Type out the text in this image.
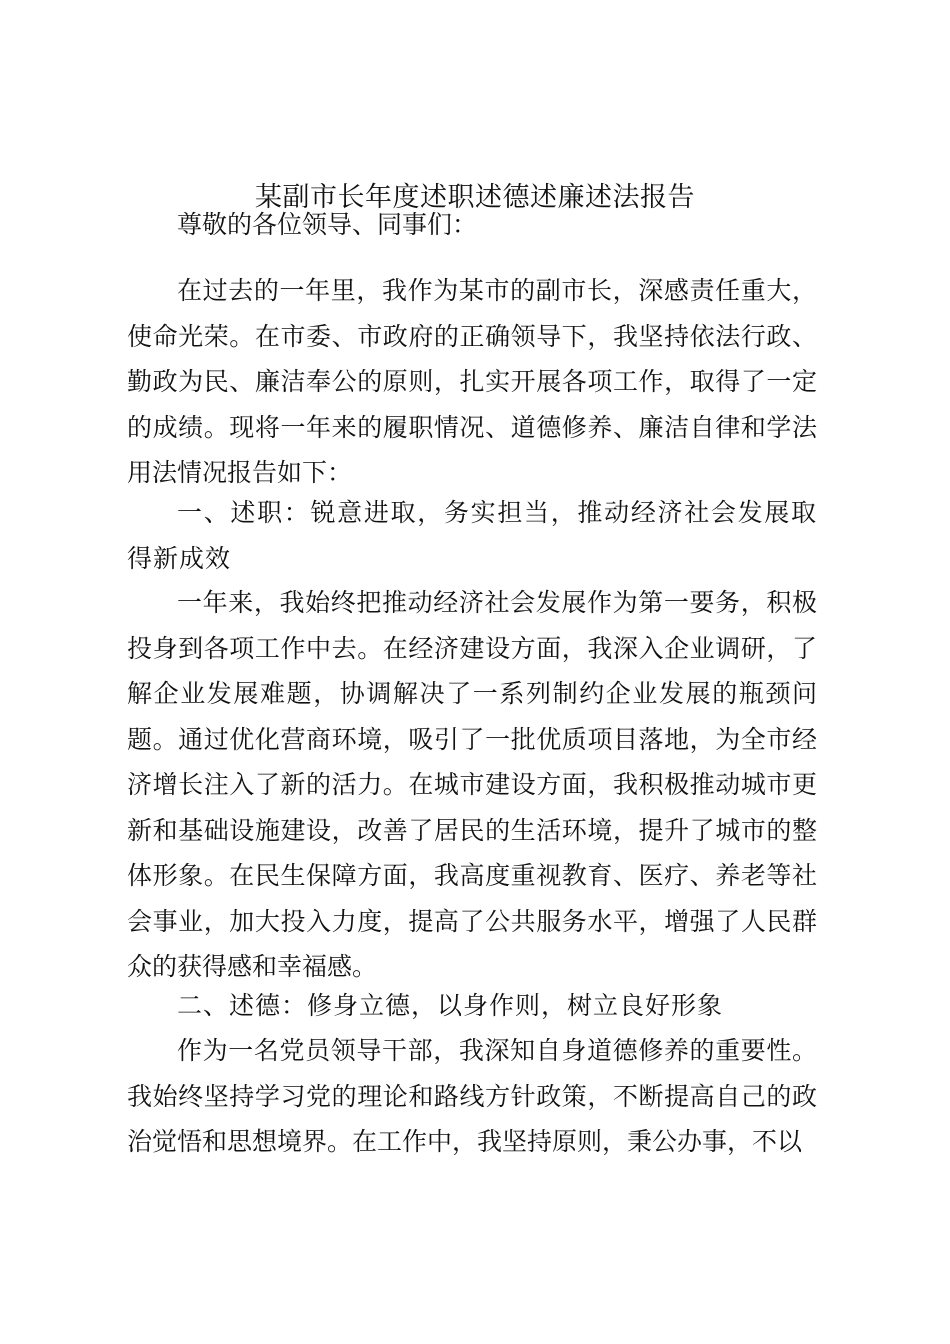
某副市长年度述职述德述廉述法报告

尊敬的各位领导、同事们：

在过去的一年里，我作为某市的副市长，深感责任重大，使命光荣。在市委、市政府的正确领导下，我坚持依法行政、勤政为民、廉洁奉公的原则，扎实开展各项工作，取得了一定的成绩。现将一年来的履职情况、道德修养、廉洁自律和学法用法情况报告如下：

一、述职：锐意进取，务实担当，推动经济社会发展取得新成效

一年来，我始终把推动经济社会发展作为第一要务，积极投身到各项工作中去。在经济建设方面，我深入企业调研，了解企业发展难题，协调解决了一系列制约企业发展的瓶颈问题。通过优化营商环境，吸引了一批优质项目落地，为全市经济增长注入了新的活力。在城市建设方面，我积极推动城市更新和基础设施建设，改善了居民的生活环境，提升了城市的整体形象。在民生保障方面，我高度重视教育、医疗、养老等社会事业，加大投入力度，提高了公共服务水平，增强了人民群众的获得感和幸福感。

二、述德：修身立德，以身作则，树立良好形象

作为一名党员领导干部，我深知自身道德修养的重要性。我始终坚持学习党的理论和路线方针政策，不断提高自己的政治觉悟和思想境界。在工作中，我坚持原则，秉公办事，不以
